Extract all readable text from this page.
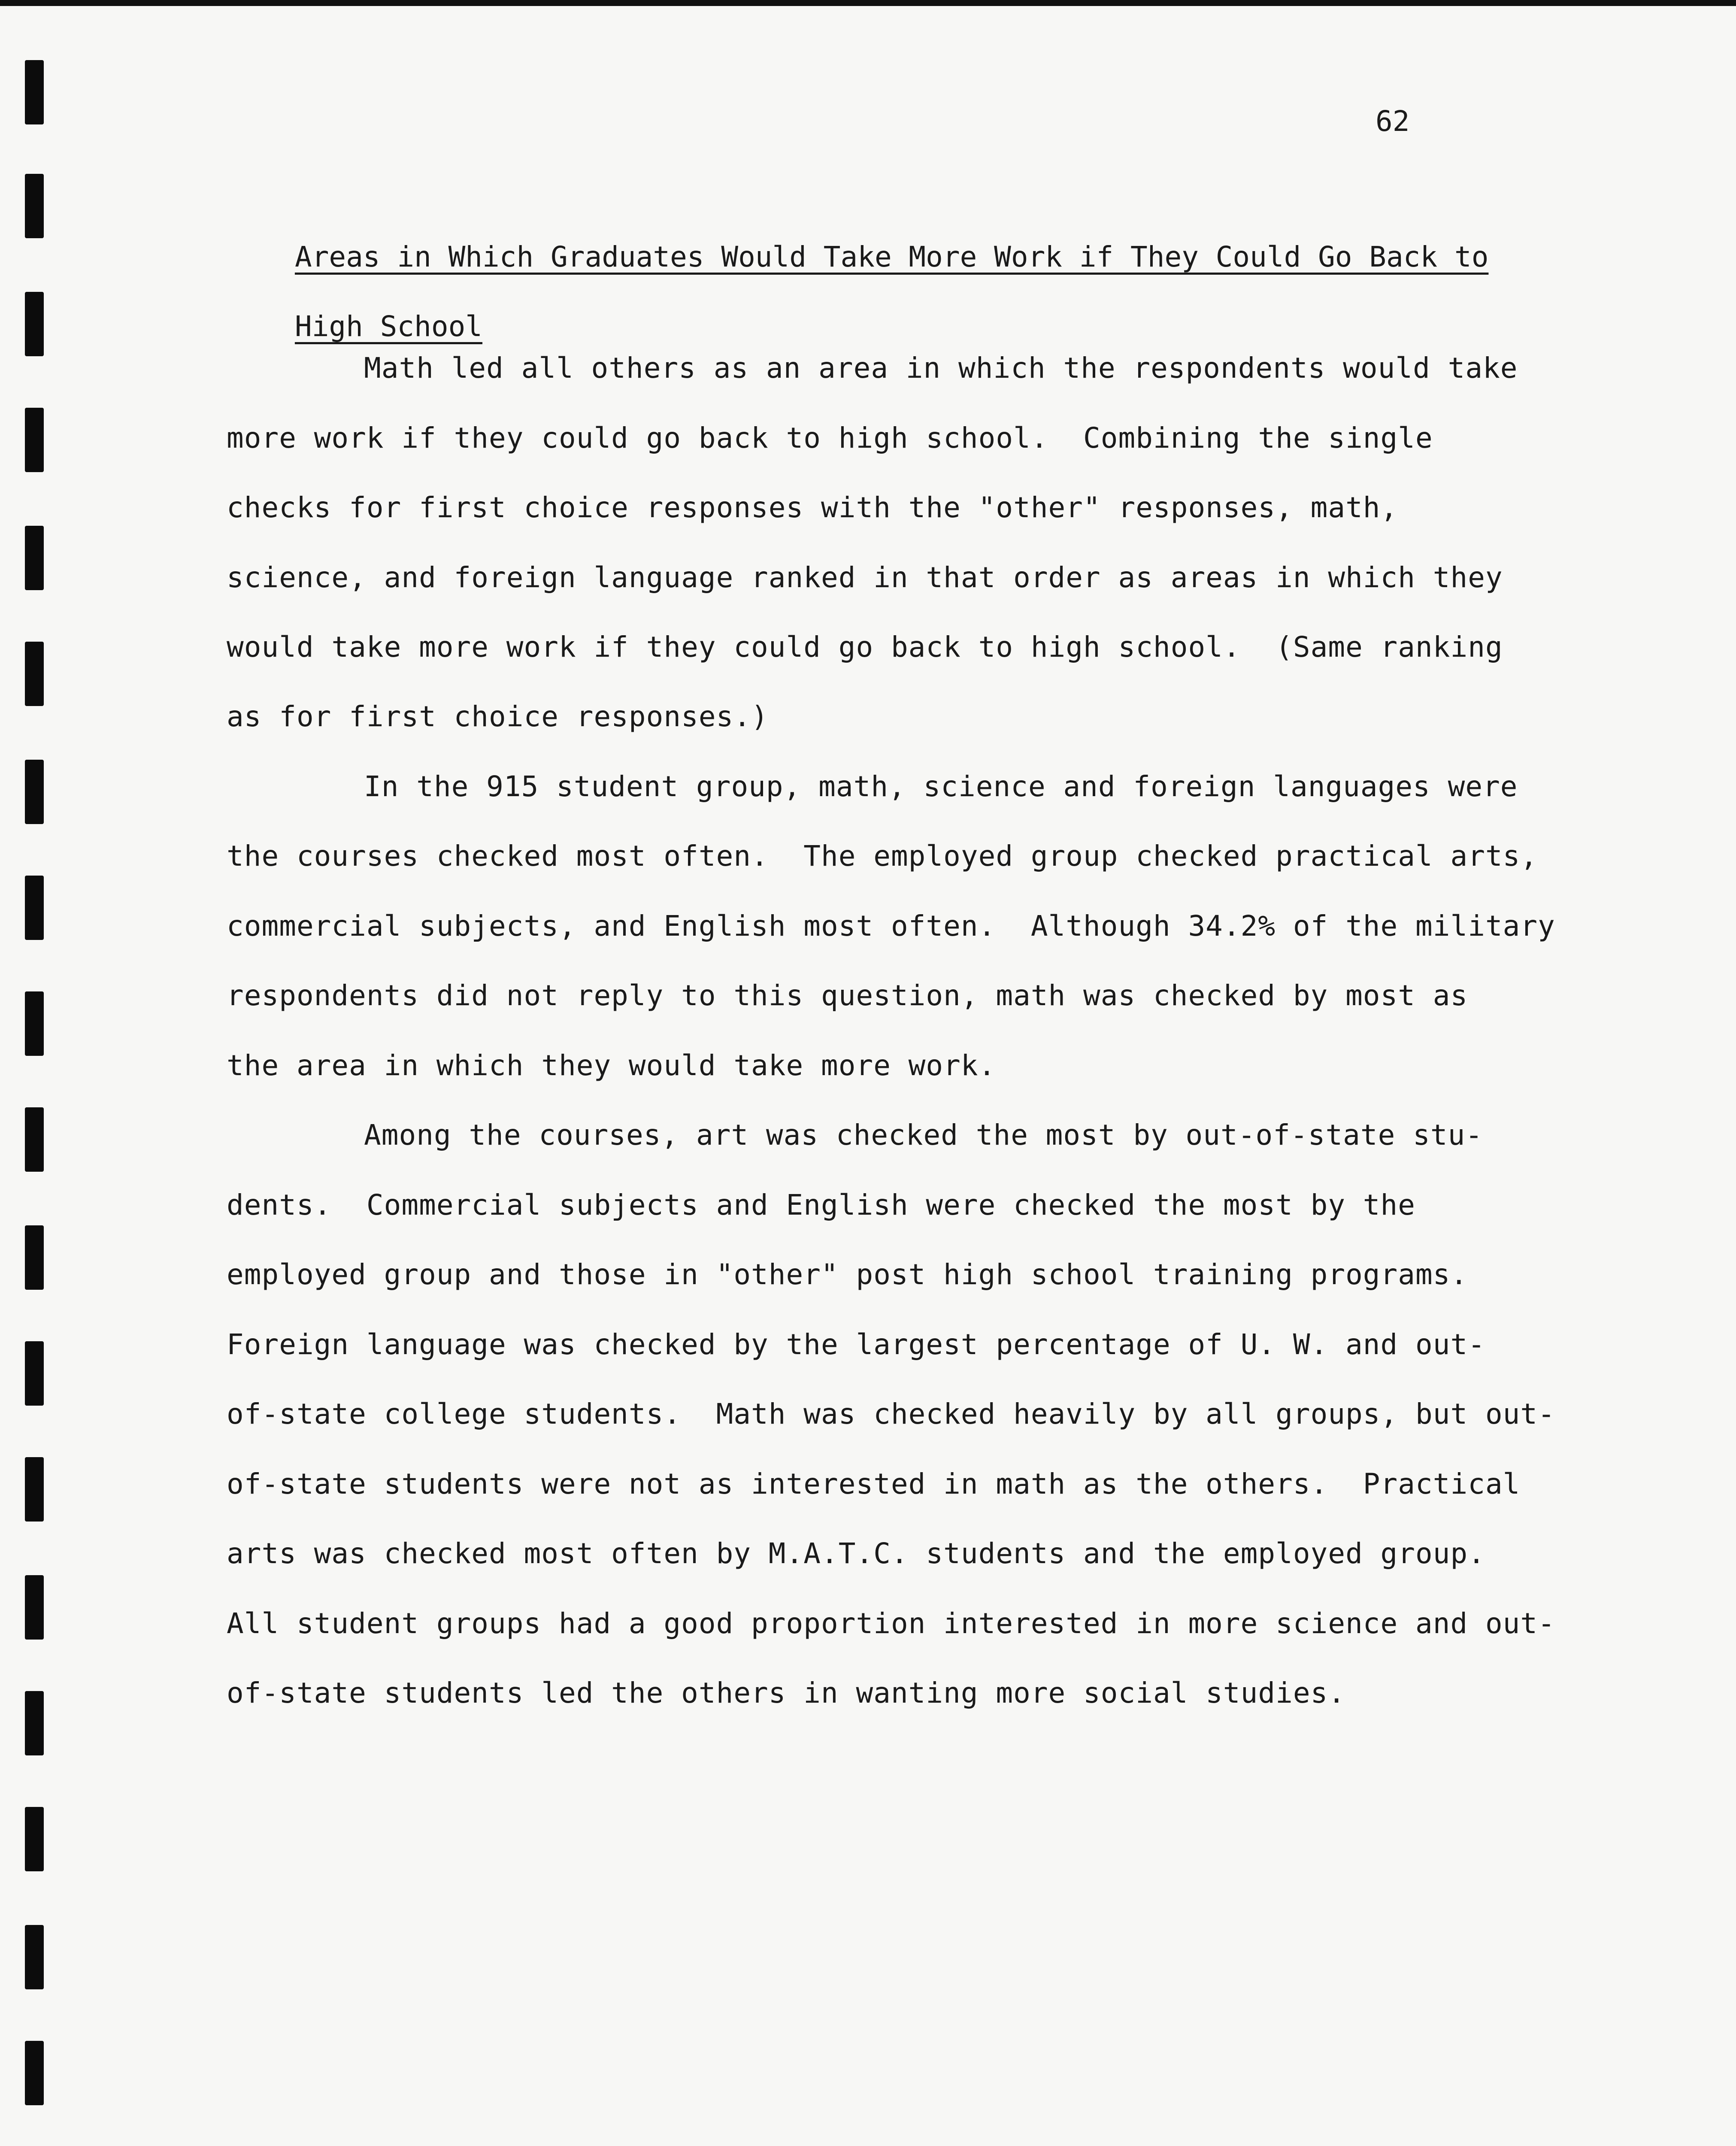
62

Areas in Which Graduates Would Take More Work if They Could Go Back to

High School

Math led all others as an area in which the respondents would take
more work if they could go back to high school.  Combining the single
checks for first choice responses with the "other" responses, math,
science, and foreign language ranked in that order as areas in which they
would take more work if they could go back to high school.  (Same ranking
as for first choice responses.)
In the 915 student group, math, science and foreign languages were
the courses checked most often.  The employed group checked practical arts,
commercial subjects, and English most often.  Although 34.2% of the military
respondents did not reply to this question, math was checked by most as
the area in which they would take more work.
Among the courses, art was checked the most by out-of-state stu-
dents.  Commercial subjects and English were checked the most by the
employed group and those in "other" post high school training programs.
Foreign language was checked by the largest percentage of U. W. and out-
of-state college students.  Math was checked heavily by all groups, but out-
of-state students were not as interested in math as the others.  Practical
arts was checked most often by M.A.T.C. students and the employed group.
All student groups had a good proportion interested in more science and out-
of-state students led the others in wanting more social studies.
